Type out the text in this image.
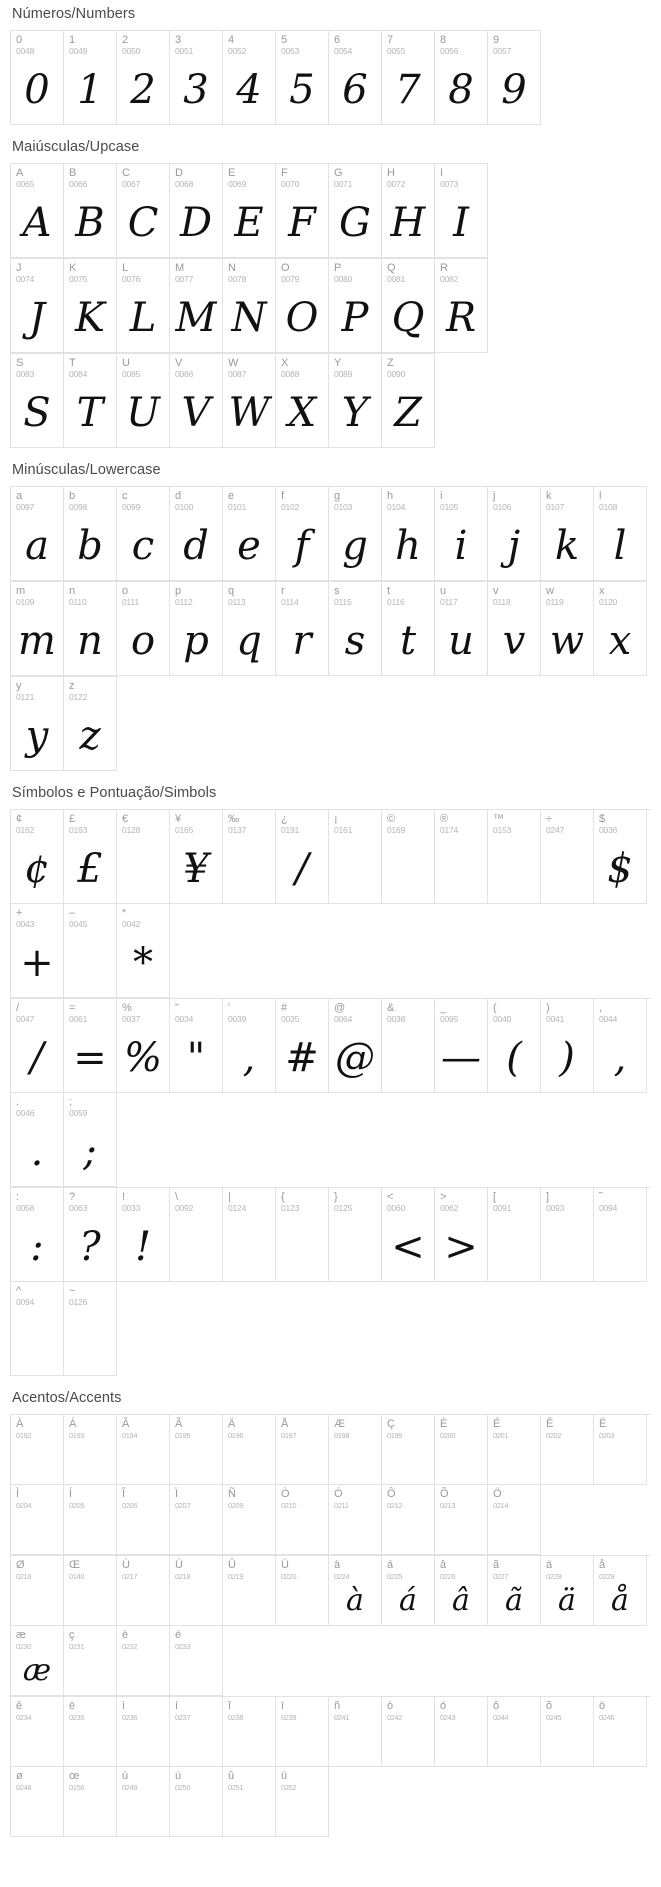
Números/Numbers
0
0048
0
1
0049
1
2
0050
2
3
0051
3
4
0052
4
5
0053
5
6
0054
6
7
0055
7
8
0056
8
9
0057
9
Maiúsculas/Upcase
A
0065
A
B
0066
B
C
0067
C
D
0068
D
E
0069
E
F
0070
F
G
0071
G
H
0072
H
I
0073
I
J
0074
J
K
0075
K
L
0076
L
M
0077
M
N
0078
N
O
0079
O
P
0080
P
Q
0081
Q
R
0082
R
S
0083
S
T
0084
T
U
0085
U
V
0086
V
W
0087
W
X
0088
X
Y
0089
Y
Z
0090
Z
Minúsculas/Lowercase
a
0097
a
b
0098
b
c
0099
c
d
0100
d
e
0101
e
f
0102
f
g
0103
g
h
0104
h
i
0105
i
j
0106
j
k
0107
k
l
0108
l
m
0109
m
n
0110
n
o
0111
o
p
0112
p
q
0113
q
r
0114
r
s
0115
s
t
0116
t
u
0117
u
v
0118
v
w
0119
w
x
0120
x
y
0121
y
z
0122
z
Símbolos e Pontuação/Simbols
¢
0162
¢
£
0163
£
€
0128
¥
0165
¥
‰
0137
¿
0191
/
¡
0161
©
0169
®
0174
™
0153
÷
0247
$
0036
$
+
0043
+
–
0045
*
0042
*
/
0047
/
=
0061
=
%
0037
%
"
0034
"
'
0039
,
#
0035
#
@
0064
@
&
0038
_
0095
—
(
0040
(
)
0041
)
,
0044
,
.
0046
.
;
0059
;
:
0058
:
?
0063
?
!
0033
!
\
0092
|
0124
{
0123
}
0125
<
0060
<
>
0062
>
[
0091
]
0093
˜
0094
^
0094
~
0126
Acentos/Accents
À
0192
Á
0193
Â
0194
Ã
0195
Ä
0196
Å
0197
Æ
0198
Ç
0199
È
0200
É
0201
Ê
0202
Ë
0203
Ì
0204
Í
0205
Î
0206
Ï
0207
Ñ
0209
Ò
0210
Ó
0211
Ô
0212
Õ
0213
Ö
0214
Ø
0216
Œ
0140
Ù
0217
Ú
0218
Û
0219
Ü
0220
à
0224
à
á
0225
á
â
0226
â
ã
0227
ã
ä
0228
ä
å
0229
å
æ
0230
æ
ç
0231
è
0232
é
0233
ê
0234
ë
0235
ì
0236
í
0237
î
0238
ï
0239
ñ
0241
ò
0242
ó
0243
ô
0244
õ
0245
ö
0246
ø
0248
œ
0156
ù
0249
ú
0250
û
0251
ü
0252
